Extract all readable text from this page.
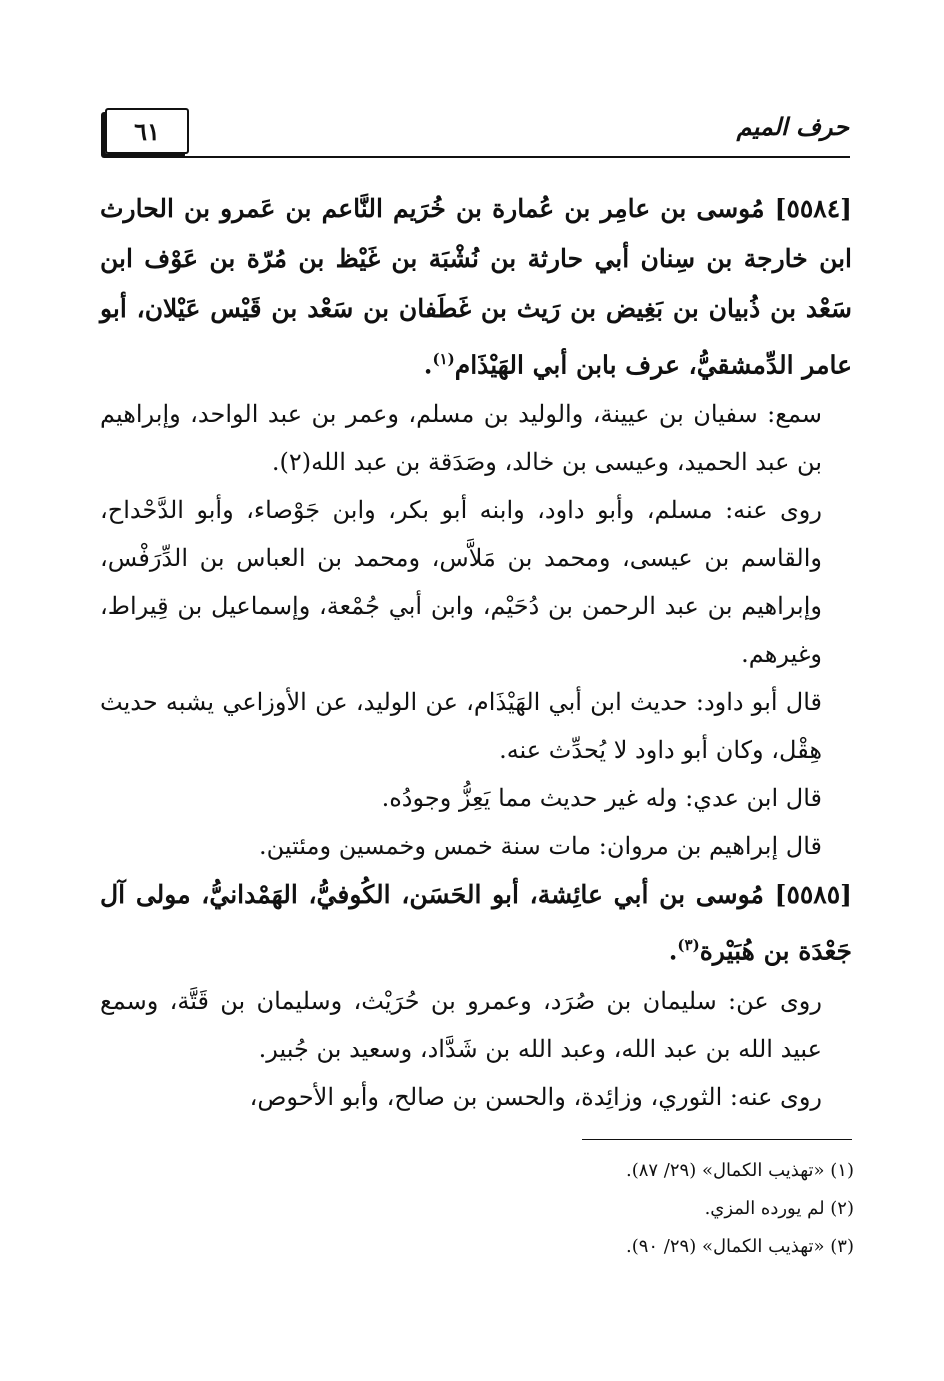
٦١	حرف الميم

[٥٥٨٤] مُوسى بن عامِر بن عُمارة بن خُرَيم النَّاعم بن عَمرو بن الحارث ابن خارجة بن سِنان أبي حارثة بن نُشْبَة بن غَيْظ بن مُرّة بن عَوْف ابن سَعْد بن ذُبيان بن بَغِيض بن رَيث بن غَطَفان بن سَعْد بن قَيْس عَيْلان، أبو عامر الدِّمشقيُّ، عرف بابن أبي الهَيْذَام$^{(١)}$.

سمع: سفيان بن عيينة، والوليد بن مسلم، وعمر بن عبد الواحد، وإبراهيم بن عبد الحميد، وعيسى بن خالد، وصَدَقة بن عبد الله(٢).

روى عنه: مسلم، وأبو داود، وابنه أبو بكر، وابن جَوْصاء، وأبو الدَّحْداح، والقاسم بن عيسى، ومحمد بن مَلاَّس، ومحمد بن العباس بن الدِّرَفْس، وإبراهيم بن عبد الرحمن بن دُحَيْم، وابن أبي جُمْعة، وإسماعيل بن قِيراط، وغيرهم.

قال أبو داود: حديث ابن أبي الهَيْذَام، عن الوليد، عن الأوزاعي يشبه حديث هِقْل، وكان أبو داود لا يُحدِّث عنه.

قال ابن عدي: وله غير حديث مما يَعِزُّ وجودُه.

قال إبراهيم بن مروان: مات سنة خمس وخمسين ومئتين.

[٥٥٨٥] مُوسى بن أبي عائِشة، أبو الحَسَن، الكُوفيُّ، الهَمْدانيُّ، مولى آل جَعْدَة بن هُبَيْرة$^{(٣)}$.

روى عن: سليمان بن صُرَد، وعمرو بن حُرَيْث، وسليمان بن قَتَّة، وسمع عبيد الله بن عبد الله، وعبد الله بن شَدَّاد، وسعيد بن جُبير.

روى عنه: الثوري، وزائِدة، والحسن بن صالح، وأبو الأحوص،

(١) «تهذيب الكمال» (٢٩/ ٨٧).
(٢) لم يورده المزي.
(٣) «تهذيب الكمال» (٢٩/ ٩٠).
